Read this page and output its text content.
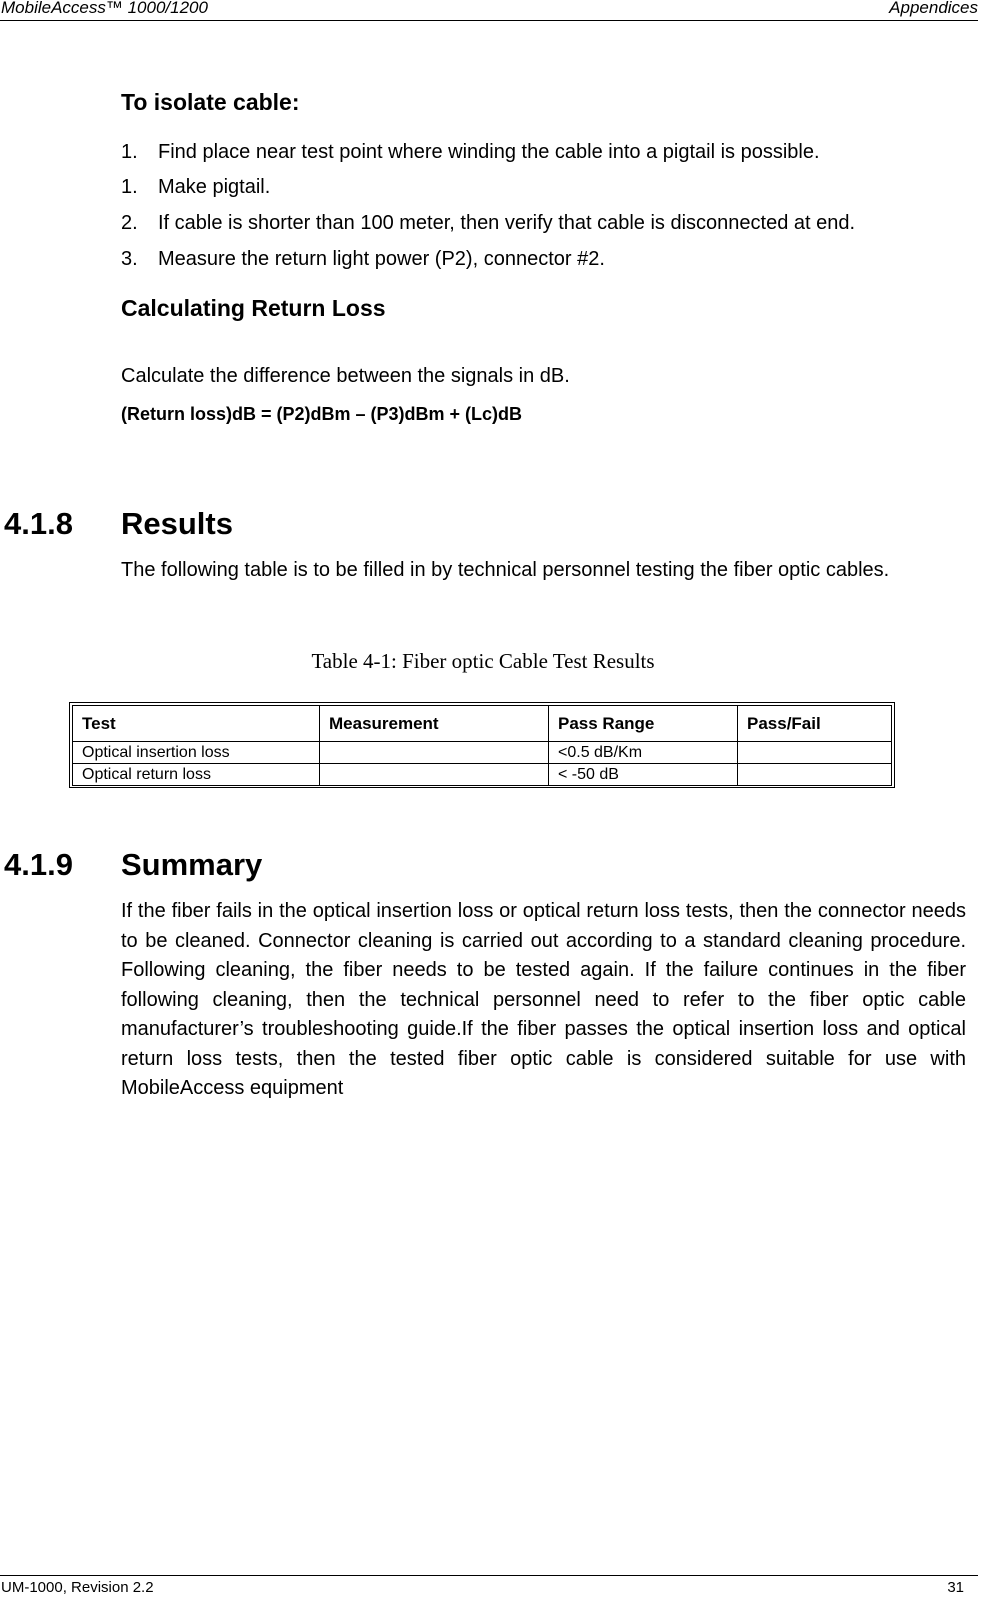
MobileAccess™ 1000/1200	Appendices
To isolate cable:
1. Find place near test point where winding the cable into a pigtail is possible.
1. Make pigtail.
2. If cable is shorter than 100 meter, then verify that cable is disconnected at end.
3. Measure the return light power (P2), connector #2.
Calculating Return Loss
Calculate the difference between the signals in dB.
(Return loss)dB = (P2)dBm – (P3)dBm + (Lc)dB
4.1.8 Results
The following table is to be filled in by technical personnel testing the fiber optic cables.
Table 4-1: Fiber optic Cable Test Results
Test	Measurement	Pass Range	Pass/Fail
Optical insertion loss		<0.5 dB/Km	
Optical return loss		< -50 dB	
4.1.9 Summary
If the fiber fails in the optical insertion loss or optical return loss tests, then the connector needs to be cleaned. Connector cleaning is carried out according to a standard cleaning procedure. Following cleaning, the fiber needs to be tested again. If the failure continues in the fiber following cleaning, then the technical personnel need to refer to the fiber optic cable manufacturer’s troubleshooting guide.If the fiber passes the optical insertion loss and optical return loss tests, then the tested fiber optic cable is considered suitable for use with MobileAccess equipment
UM-1000, Revision 2.2	31
